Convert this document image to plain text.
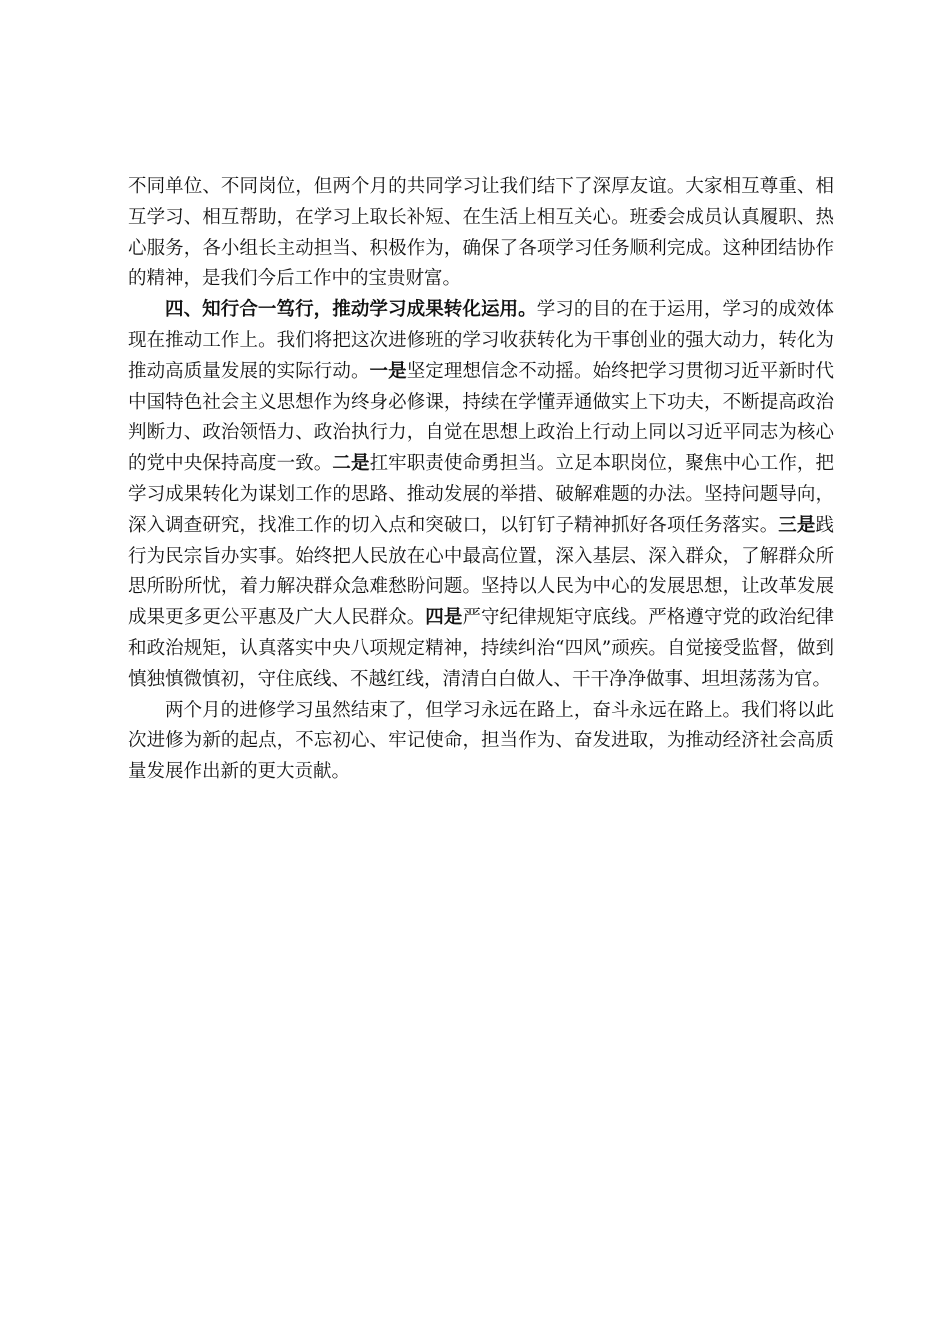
不同单位、不同岗位，但两个月的共同学习让我们结下了深厚友谊。大家相互尊重、相互学习、相互帮助，在学习上取长补短、在生活上相互关心。班委会成员认真履职、热心服务，各小组长主动担当、积极作为，确保了各项学习任务顺利完成。这种团结协作的精神，是我们今后工作中的宝贵财富。

四、知行合一笃行，推动学习成果转化运用。学习的目的在于运用，学习的成效体现在推动工作上。我们将把这次进修班的学习收获转化为干事创业的强大动力，转化为推动高质量发展的实际行动。一是坚定理想信念不动摇。始终把学习贯彻习近平新时代中国特色社会主义思想作为终身必修课，持续在学懂弄通做实上下功夫，不断提高政治判断力、政治领悟力、政治执行力，自觉在思想上政治上行动上同以习近平同志为核心的党中央保持高度一致。二是扛牢职责使命勇担当。立足本职岗位，聚焦中心工作，把学习成果转化为谋划工作的思路、推动发展的举措、破解难题的办法。坚持问题导向，深入调查研究，找准工作的切入点和突破口，以钉钉子精神抓好各项任务落实。三是践行为民宗旨办实事。始终把人民放在心中最高位置，深入基层、深入群众，了解群众所思所盼所忧，着力解决群众急难愁盼问题。坚持以人民为中心的发展思想，让改革发展成果更多更公平惠及广大人民群众。四是严守纪律规矩守底线。严格遵守党的政治纪律和政治规矩，认真落实中央八项规定精神，持续纠治“四风”顽疾。自觉接受监督，做到慎独慎微慎初，守住底线、不越红线，清清白白做人、干干净净做事、坦坦荡荡为官。

两个月的进修学习虽然结束了，但学习永远在路上，奋斗永远在路上。我们将以此次进修为新的起点，不忘初心、牢记使命，担当作为、奋发进取，为推动经济社会高质量发展作出新的更大贡献。
